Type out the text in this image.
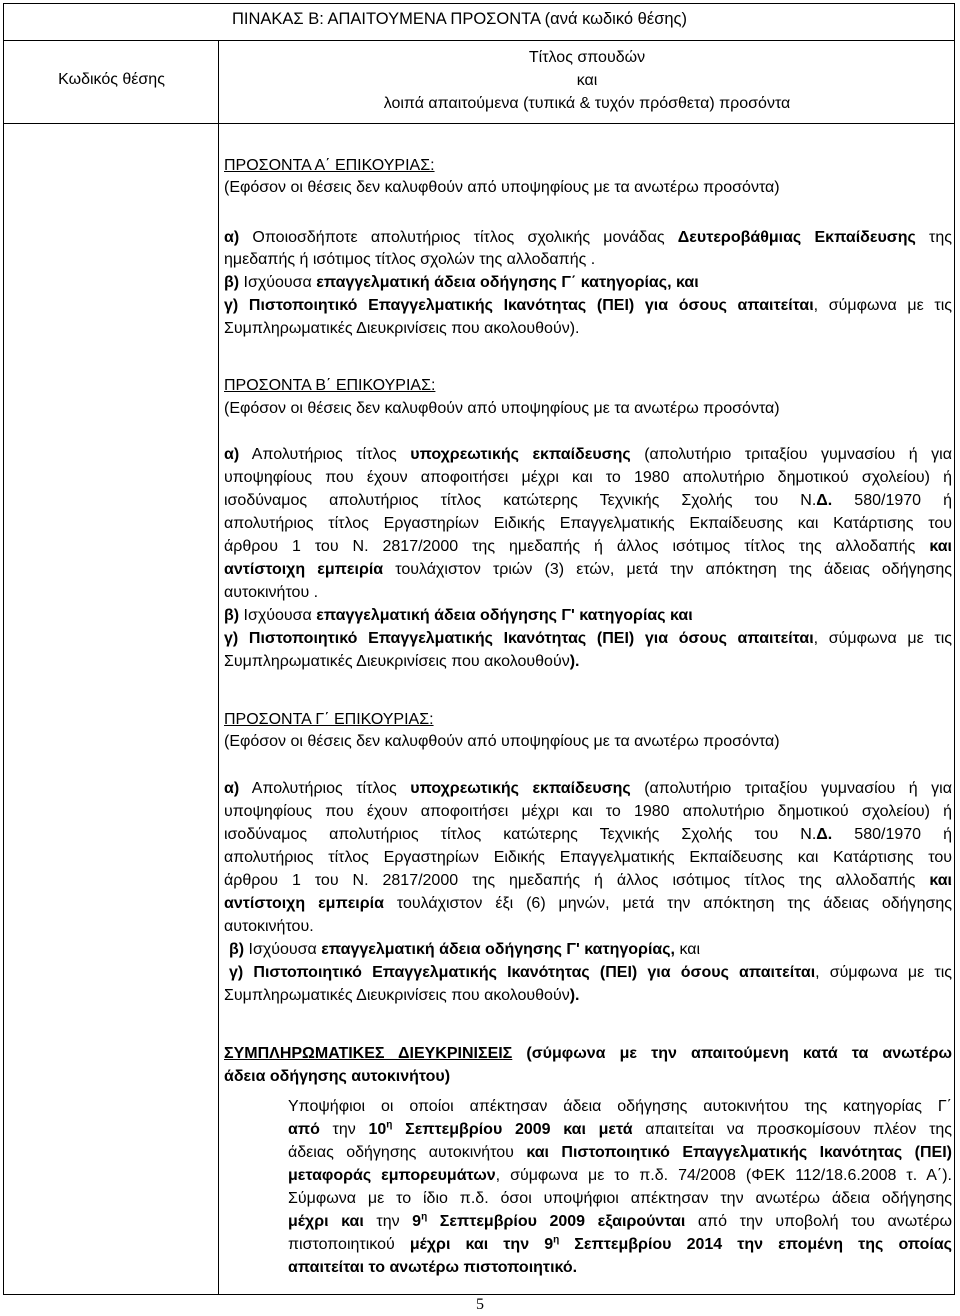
ΠΙΝΑΚΑΣ Β: ΑΠΑΙΤΟΥΜΕΝΑ ΠΡΟΣΟΝΤΑ (ανά κωδικό θέσης)
Κωδικός θέσης
Τίτλος σπουδών
και
λοιπά απαιτούμενα (τυπικά & τυχόν πρόσθετα) προσόντα
ΠΡΟΣΟΝΤΑ Α΄ ΕΠΙΚΟΥΡΙΑΣ:
(Εφόσον οι θέσεις δεν καλυφθούν από υποψηφίους με τα ανωτέρω προσόντα)
α) Οποιοσδήποτε απολυτήριος τίτλος σχολικής μονάδας Δευτεροβάθμιας Εκπαίδευσης της
ημεδαπής ή ισότιμος τίτλος σχολών της αλλοδαπής .
β) Ισχύουσα επαγγελματική άδεια οδήγησης Γ΄ κατηγορίας, και
γ) Πιστοποιητικό Επαγγελματικής Ικανότητας (ΠΕΙ) για όσους απαιτείται, σύμφωνα με τις
Συμπληρωματικές Διευκρινίσεις που ακολουθούν).
ΠΡΟΣΟΝΤΑ Β΄ ΕΠΙΚΟΥΡΙΑΣ:
(Εφόσον οι θέσεις δεν καλυφθούν από υποψηφίους με τα ανωτέρω προσόντα)
α) Απολυτήριος τίτλος υποχρεωτικής εκπαίδευσης (απολυτήριο τριταξίου γυμνασίου ή για
υποψηφίους που έχουν αποφοιτήσει μέχρι και το 1980 απολυτήριο δημοτικού σχολείου) ή
ισοδύναμος απολυτήριος τίτλος κατώτερης Τεχνικής Σχολής του Ν.Δ. 580/1970 ή
απολυτήριος τίτλος Εργαστηρίων Ειδικής Επαγγελματικής Εκπαίδευσης και Κατάρτισης του
άρθρου 1 του Ν. 2817/2000 της ημεδαπής ή άλλος ισότιμος τίτλος της αλλοδαπής και
αντίστοιχη εμπειρία τουλάχιστον τριών (3) ετών, μετά την απόκτηση της άδειας οδήγησης
αυτοκινήτου .
β) Ισχύουσα επαγγελματική άδεια οδήγησης Γ' κατηγορίας και
γ) Πιστοποιητικό Επαγγελματικής Ικανότητας (ΠΕΙ) για όσους απαιτείται, σύμφωνα με τις
Συμπληρωματικές Διευκρινίσεις που ακολουθούν).
ΠΡΟΣΟΝΤΑ Γ΄ ΕΠΙΚΟΥΡΙΑΣ:
(Εφόσον οι θέσεις δεν καλυφθούν από υποψηφίους με τα ανωτέρω προσόντα)
α) Απολυτήριος τίτλος υποχρεωτικής εκπαίδευσης (απολυτήριο τριταξίου γυμνασίου ή για
υποψηφίους που έχουν αποφοιτήσει μέχρι και το 1980 απολυτήριο δημοτικού σχολείου) ή
ισοδύναμος απολυτήριος τίτλος κατώτερης Τεχνικής Σχολής του Ν.Δ. 580/1970 ή
απολυτήριος τίτλος Εργαστηρίων Ειδικής Επαγγελματικής Εκπαίδευσης και Κατάρτισης του
άρθρου 1 του Ν. 2817/2000 της ημεδαπής ή άλλος ισότιμος τίτλος της αλλοδαπής και
αντίστοιχη εμπειρία τουλάχιστον έξι (6) μηνών, μετά την απόκτηση της άδειας οδήγησης
αυτοκινήτου.
β) Ισχύουσα επαγγελματική άδεια οδήγησης Γ' κατηγορίας, και
γ) Πιστοποιητικό Επαγγελματικής Ικανότητας (ΠΕΙ) για όσους απαιτείται, σύμφωνα με τις
Συμπληρωματικές Διευκρινίσεις που ακολουθούν).
ΣΥΜΠΛΗΡΩΜΑΤΙΚΕΣ ΔΙΕΥΚΡΙΝΙΣΕΙΣ (σύμφωνα με την απαιτούμενη κατά τα ανωτέρω
άδεια οδήγησης αυτοκινήτου)
Υποψήφιοι οι οποίοι απέκτησαν άδεια οδήγησης αυτοκινήτου της κατηγορίας Γ΄
από την $10^\eta$ Σεπτεμβρίου 2009 και μετά απαιτείται να προσκομίσουν πλέον της
άδειας οδήγησης αυτοκινήτου και Πιστοποιητικό Επαγγελματικής Ικανότητας (ΠΕΙ)
μεταφοράς εμπορευμάτων, σύμφωνα με το π.δ. 74/2008 (ΦΕΚ 112/18.6.2008 τ. Α΄).
Σύμφωνα με το ίδιο π.δ. όσοι υποψήφιοι απέκτησαν την ανωτέρω άδεια οδήγησης
μέχρι και την $9^\eta$ Σεπτεμβρίου 2009 εξαιρούνται από την υποβολή του ανωτέρω
πιστοποιητικού μέχρι και την $9^\eta$ Σεπτεμβρίου 2014 την επομένη της οποίας
απαιτείται το ανωτέρω πιστοποιητικό.
5
